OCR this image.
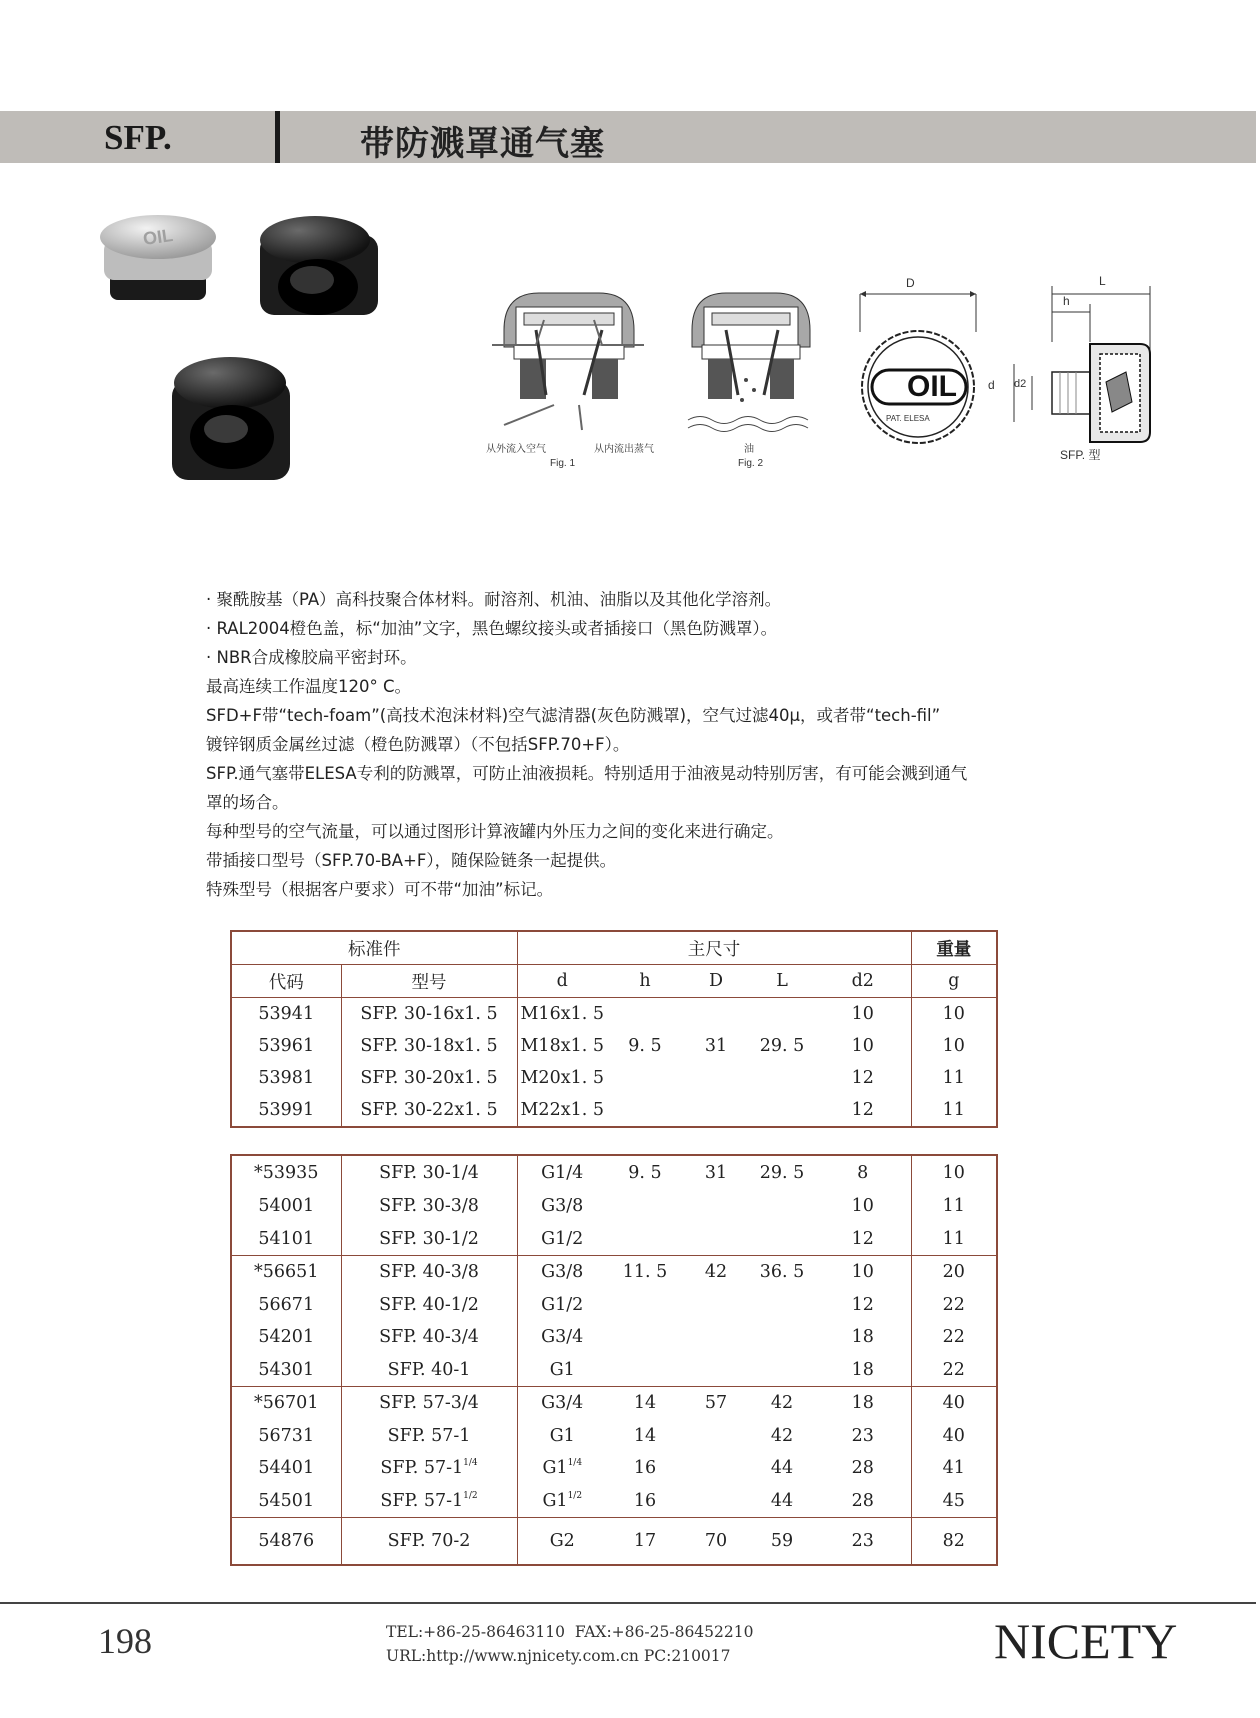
SFP.	带防溅罩通气塞
OIL
从外流入空气	从内流出蒸气
Fig. 1
油
Fig. 2
D
OIL
PAT. ELESA
L
h
d d2
SFP. 型
· 聚酰胺基（PA）高科技聚合体材料。耐溶剂、机油、油脂以及其他化学溶剂。
· RAL2004橙色盖，标“加油”文字，黑色螺纹接头或者插接口（黑色防溅罩）。
· NBR合成橡胶扁平密封环。
最高连续工作温度120° C。
SFD+F带“tech-foam”(高技术泡沫材料)空气滤清器(灰色防溅罩)，空气过滤40μ，或者带“tech-fil”
镀锌钢质金属丝过滤（橙色防溅罩）（不包括SFP.70+F）。
SFP.通气塞带ELESA专利的防溅罩，可防止油液损耗。特别适用于油液晃动特别厉害，有可能会溅到通气
罩的场合。
每种型号的空气流量，可以通过图形计算液罐内外压力之间的变化来进行确定。
带插接口型号（SFP.70-BA+F），随保险链条一起提供。
特殊型号（根据客户要求）可不带“加油”标记。
标准件		主尺寸					重量
代码	型号	d	h	D	L	d2	g
53941	SFP. 30-16x1. 5	M16x1. 5				10	10
53961	SFP. 30-18x1. 5	M18x1. 5	9. 5	31	29. 5	10	10
53981	SFP. 30-20x1. 5	M20x1. 5				12	11
53991	SFP. 30-22x1. 5	M22x1. 5				12	11
*53935	SFP. 30-1/4	G1/4	9. 5	31	29. 5	8	10
54001	SFP. 30-3/8	G3/8				10	11
54101	SFP. 30-1/2	G1/2				12	11
*56651	SFP. 40-3/8	G3/8	11. 5	42	36. 5	10	20
56671	SFP. 40-1/2	G1/2				12	22
54201	SFP. 40-3/4	G3/4				18	22
54301	SFP. 40-1	G1				18	22
*56701	SFP. 57-3/4	G3/4	14	57	42	18	40
56731	SFP. 57-1	G1	14		42	23	40
54401	SFP. $57-1^{1/4}$	$G1^{1/4}$	16		44	28	41
54501	SFP. $57-1^{1/2}$	$G1^{1/2}$	16		44	28	45
54876	SFP. 70-2	G2	17	70	59	23	82
198	TEL:+86-25-86463110  FAX:+86-25-86452210
URL:http://www.njnicety.com.cn PC:210017	NICETY
